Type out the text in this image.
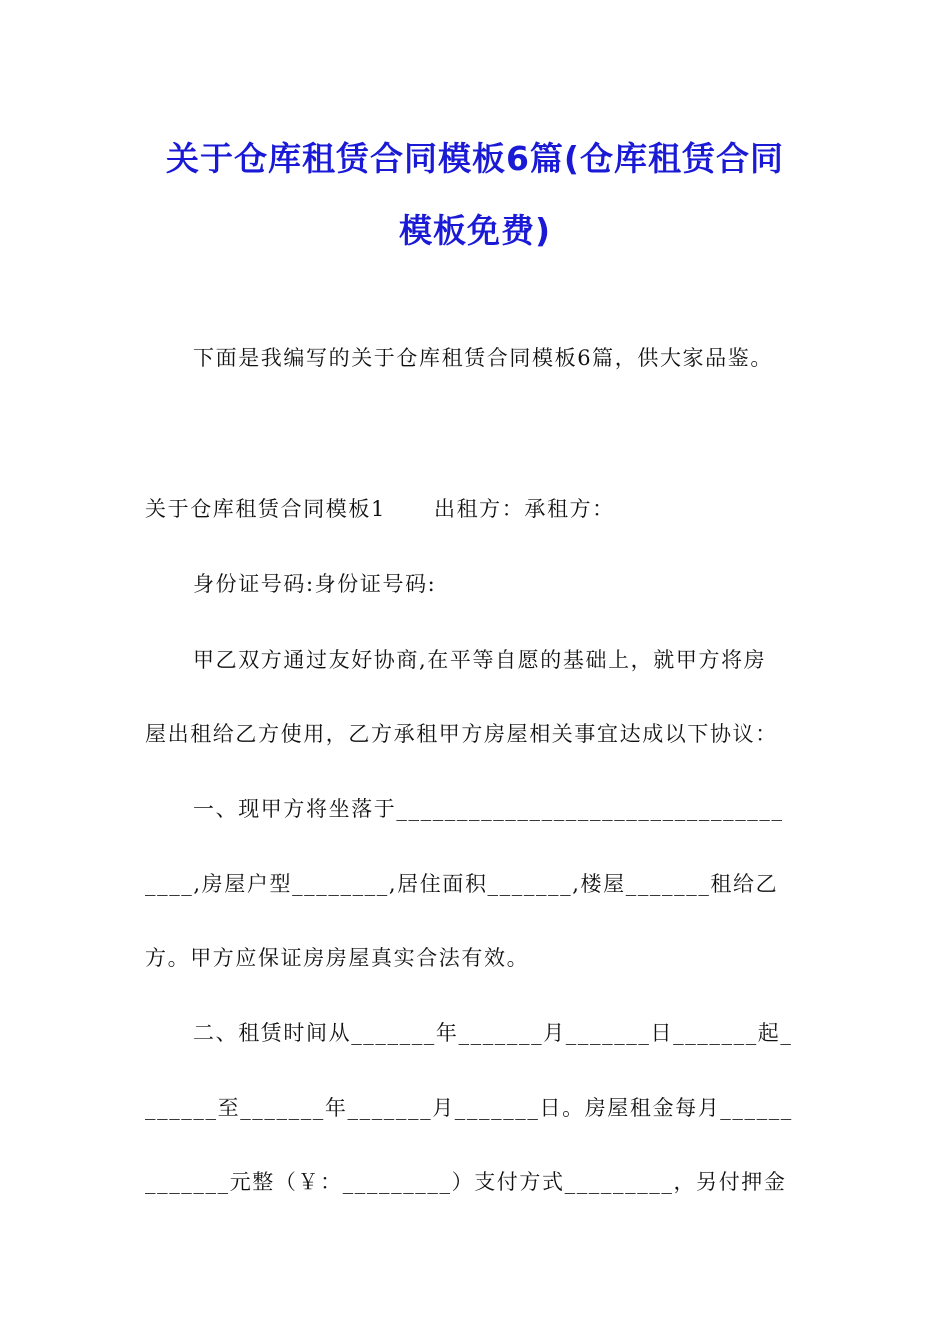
关于仓库租赁合同模板6篇(仓库租赁合同
模板免费)
下面是我编写的关于仓库租赁合同模板6篇，供大家品鉴。
关于仓库租赁合同模板1 出租方：承租方：
身份证号码:身份证号码:
甲乙双方通过友好协商,在平等自愿的基础上，就甲方将房
屋出租给乙方使用，乙方承租甲方房屋相关事宜达成以下协议：
一、现甲方将坐落于________________________________
____,房屋户型________,居住面积_______,楼屋_______租给乙
方。甲方应保证房房屋真实合法有效。
二、租赁时间从_______年_______月_______日_______起_
______至_______年_______月_______日。房屋租金每月______
_______元整（￥：_________）支付方式_________，另付押金
